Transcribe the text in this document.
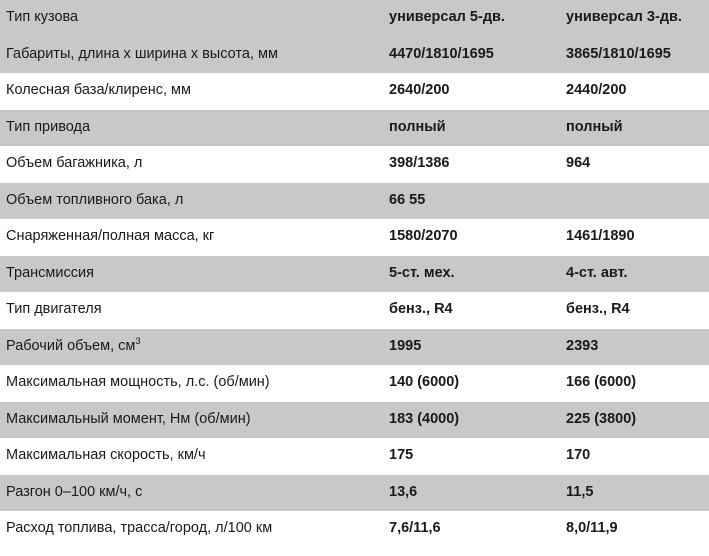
Тип кузова	универсал 5-дв.	универсал 3-дв.
Габариты, длина x ширина x высота, мм	4470/1810/1695	3865/1810/1695
Колесная база/клиренс, мм	2640/200	2440/200
Тип привода	полный	полный
Объем багажника, л	398/1386	964
Объем топливного бака, л	66 55	
Снаряженная/полная масса, кг	1580/2070	1461/1890
Трансмиссия	5-ст. мех.	4-ст. авт.
Тип двигателя	бенз., R4	бенз., R4
Рабочий объем, $см^3$	1995	2393
Максимальная мощность, л.с. (об/мин)	140 (6000)	166 (6000)
Максимальный момент, Нм (об/мин)	183 (4000)	225 (3800)
Максимальная скорость, км/ч	175	170
Разгон 0–100 км/ч, с	13,6	11,5
Расход топлива, трасса/город, л/100 км	7,6/11,6	8,0/11,9
